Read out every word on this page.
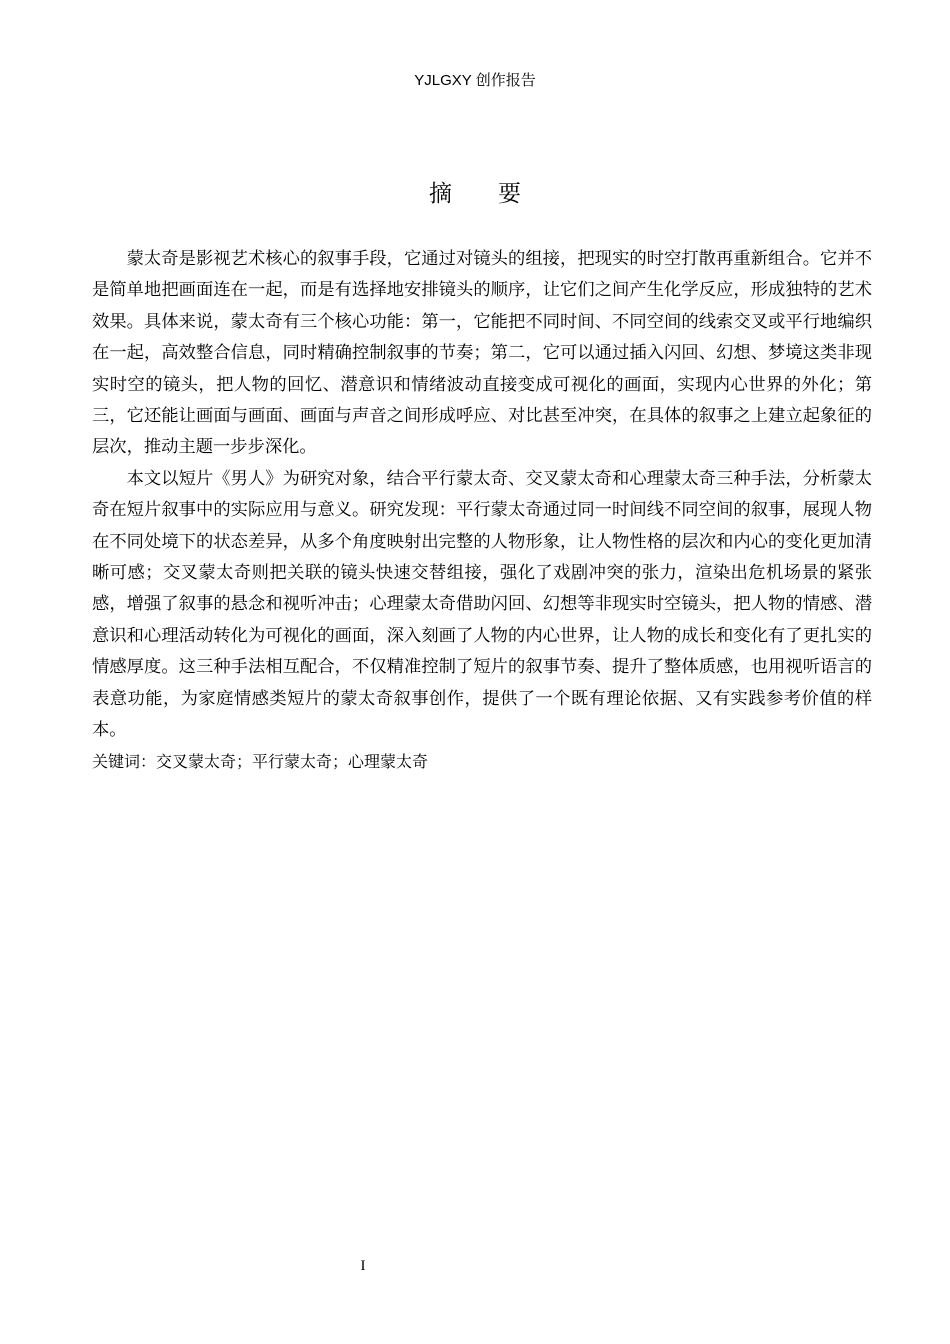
YJLGXY 创作报告
摘 要

蒙太奇是影视艺术核心的叙事手段，它通过对镜头的组接，把现实的时空打散再重新组合。它并不是简单地把画面连在一起，而是有选择地安排镜头的顺序，让它们之间产生化学反应，形成独特的艺术效果。具体来说，蒙太奇有三个核心功能：第一，它能把不同时间、不同空间的线索交叉或平行地编织在一起，高效整合信息，同时精确控制叙事的节奏；第二，它可以通过插入闪回、幻想、梦境这类非现实时空的镜头，把人物的回忆、潜意识和情绪波动直接变成可视化的画面，实现内心世界的外化；第三，它还能让画面与画面、画面与声音之间形成呼应、对比甚至冲突，在具体的叙事之上建立起象征的层次，推动主题一步步深化。

本文以短片《男人》为研究对象，结合平行蒙太奇、交叉蒙太奇和心理蒙太奇三种手法，分析蒙太奇在短片叙事中的实际应用与意义。研究发现：平行蒙太奇通过同一时间线不同空间的叙事，展现人物在不同处境下的状态差异，从多个角度映射出完整的人物形象，让人物性格的层次和内心的变化更加清晰可感；交叉蒙太奇则把关联的镜头快速交替组接，强化了戏剧冲突的张力，渲染出危机场景的紧张感，增强了叙事的悬念和视听冲击；心理蒙太奇借助闪回、幻想等非现实时空镜头，把人物的情感、潜意识和心理活动转化为可视化的画面，深入刻画了人物的内心世界，让人物的成长和变化有了更扎实的情感厚度。这三种手法相互配合，不仅精准控制了短片的叙事节奏、提升了整体质感，也用视听语言的表意功能，为家庭情感类短片的蒙太奇叙事创作，提供了一个既有理论依据、又有实践参考价值的样本。

关键词：交叉蒙太奇；平行蒙太奇；心理蒙太奇

I
